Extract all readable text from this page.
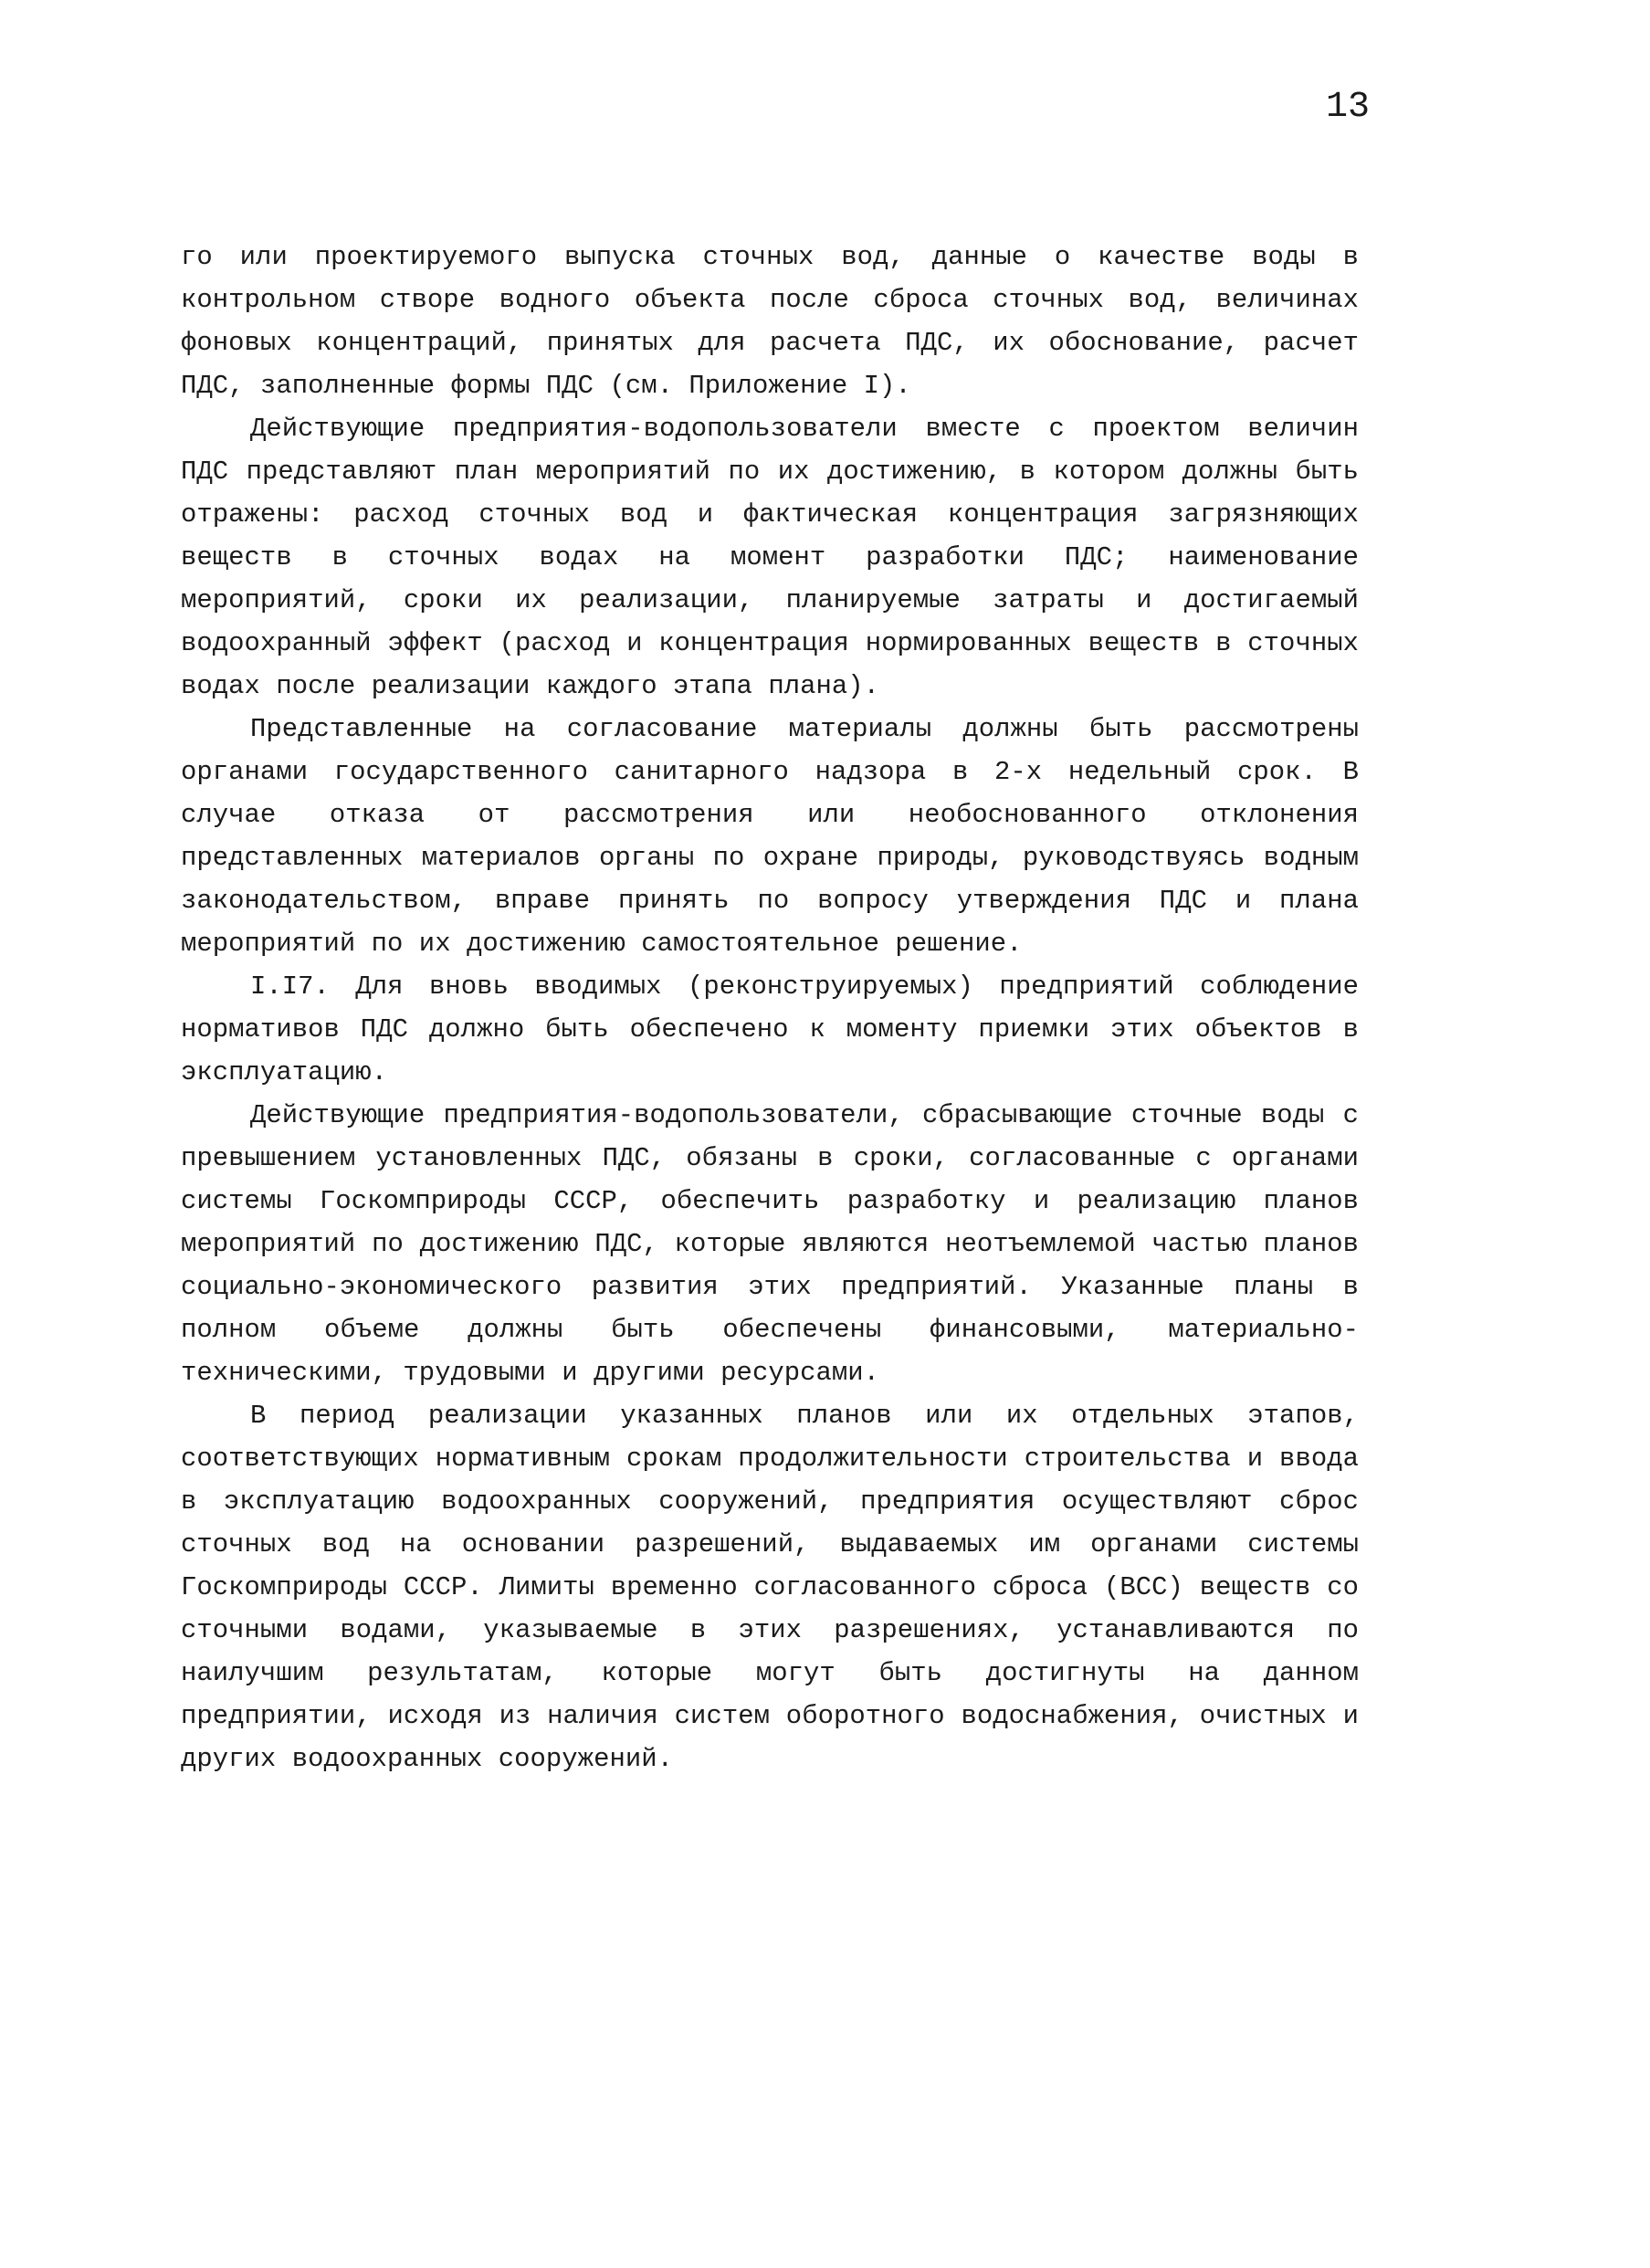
13

го или проектируемого выпуска сточных вод, данные о качестве воды в контрольном створе водного объекта после сброса сточных вод, величинах фоновых концентраций, принятых для расчета ПДС, их обоснование, расчет ПДС, заполненные формы ПДС (см. Приложение I).

Действующие предприятия-водопользователи вместе с проектом величин ПДС представляют план мероприятий по их достижению, в котором должны быть отражены: расход сточных вод и фактическая концентрация загрязняющих веществ в сточных водах на момент разработки ПДС; наименование мероприятий, сроки их реализации, планируемые затраты и достигаемый водоохранный эффект (расход и концентрация нормированных веществ в сточных водах после реализации каждого этапа плана).

Представленные на согласование материалы должны быть рассмотрены органами государственного санитарного надзора в 2-х недельный срок. В случае отказа от рассмотрения или необоснованного отклонения представленных материалов органы по охране природы, руководствуясь водным законодательством, вправе принять по вопросу утверждения ПДС и плана мероприятий по их достижению самостоятельное решение.

I.I7. Для вновь вводимых (реконструируемых) предприятий соблюдение нормативов ПДС должно быть обеспечено к моменту приемки этих объектов в эксплуатацию.

Действующие предприятия-водопользователи, сбрасывающие сточные воды с превышением установленных ПДС, обязаны в сроки, согласованные с органами системы Госкомприроды СССР, обеспечить разработку и реализацию планов мероприятий по достижению ПДС, которые являются неотъемлемой частью планов социально-экономического развития этих предприятий. Указанные планы в полном объеме должны быть обеспечены финансовыми, материально-техническими, трудовыми и другими ресурсами.

В период реализации указанных планов или их отдельных этапов, соответствующих нормативным срокам продолжительности строительства и ввода в эксплуатацию водоохранных сооружений, предприятия осуществляют сброс сточных вод на основании разрешений, выдаваемых им органами системы Госкомприроды СССР. Лимиты временно согласованного сброса (ВСС) веществ со сточными водами, указываемые в этих разрешениях, устанавливаются по наилучшим результатам, которые могут быть достигнуты на данном предприятии, исходя из наличия систем оборотного водоснабжения, очистных и других водоохранных сооружений.
